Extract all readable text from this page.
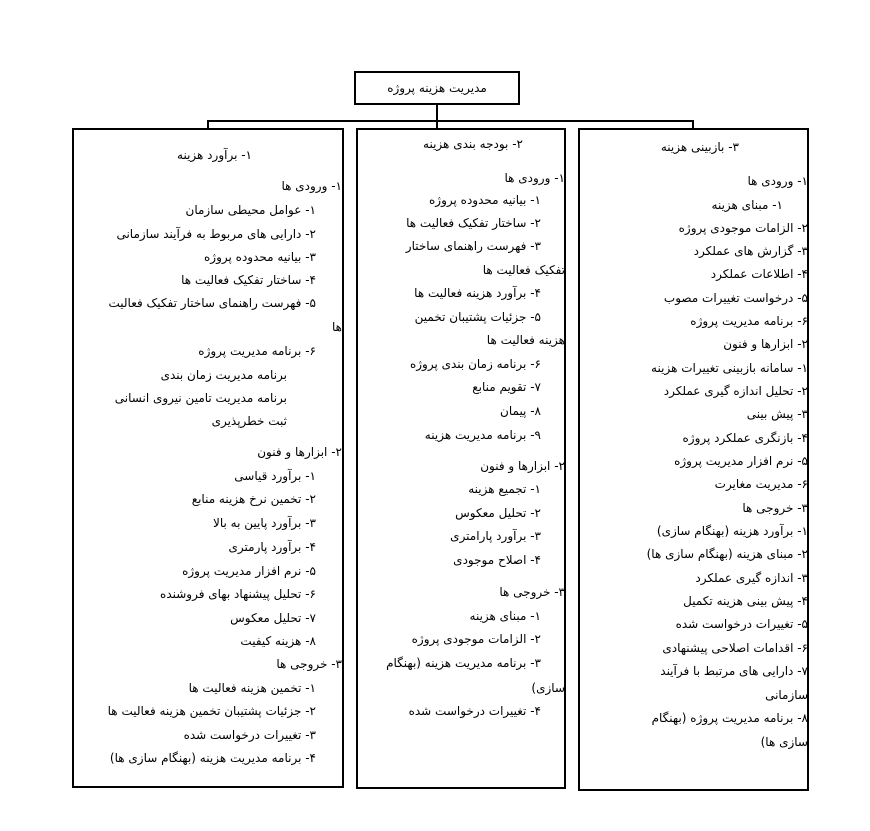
مدیریت هزینه پروژه
۳- بازبینی هزینه
۱- ورودی ها
۱- مبنای هزینه
۲- الزامات موجودی پروژه
۳- گزارش های عملکرد
۴- اطلاعات عملکرد
۵- درخواست تغییرات مصوب
۶- برنامه مدیریت پروژه
۲- ابزارها و فنون
۱- سامانه بازبینی تغییرات هزینه
۲- تحلیل اندازه گیری عملکرد
۳- پیش بینی
۴- بازنگری عملکرد پروژه
۵- نرم افزار مدیریت پروژه
۶- مدیریت مغایرت
۳- خروجی ها
۱- برآورد هزینه (بهنگام سازی)
۲- مبنای هزینه (بهنگام سازی ها)
۳- اندازه گیری عملکرد
۴- پیش بینی هزینه تکمیل
۵- تغییرات درخواست شده
۶- اقدامات اصلاحی پیشنهادی
۷- دارایی های مرتبط با فرآیند
سازمانی
۸- برنامه مدیریت پروژه (بهنگام
سازی ها)
۲- بودجه بندی هزینه
۱- ورودی ها
۱- بیانیه محدوده پروژه
۲- ساختار تفکیک فعالیت ها
۳- فهرست راهنمای ساختار
تفکیک فعالیت ها
۴- برآورد هزینه فعالیت ها
۵- جزئیات پشتیبان تخمین
هزینه فعالیت ها
۶- برنامه زمان بندی پروژه
۷- تقویم منابع
۸- پیمان
۹- برنامه مدیریت هزینه
۲- ابزارها و فنون
۱- تجمیع هزینه
۲- تحلیل معکوس
۳- برآورد پارامتری
۴- اصلاح موجودی
۳- خروجی ها
۱- مبنای هزینه
۲- الزامات موجودی پروژه
۳- برنامه مدیریت هزینه (بهنگام
سازی)
۴- تغییرات درخواست شده
۱- برآورد هزینه
۱- ورودی ها
۱- عوامل محیطی سازمان
۲- دارایی های مربوط به فرآیند سازمانی
۳- بیانیه محدوده پروژه
۴- ساختار تفکیک فعالیت ها
۵- فهرست راهنمای ساختار تفکیک فعالیت
ها
۶- برنامه مدیریت پروژه
برنامه مدیریت زمان بندی
برنامه مدیریت تامین نیروی انسانی
ثبت خطرپذیری
۲- ابزارها و فنون
۱- برآورد قیاسی
۲- تخمین نرخ هزینه منابع
۳- برآورد پایین به بالا
۴- برآورد پارمتری
۵- نرم افزار مدیریت پروژه
۶- تحلیل پیشنهاد بهای فروشنده
۷- تحلیل معکوس
۸- هزینه کیفیت
۳- خروجی ها
۱- تخمین هزینه فعالیت ها
۲- جزئیات پشتیبان تخمین هزینه فعالیت ها
۳- تغییرات درخواست شده
۴- برنامه مدیریت هزینه (بهنگام سازی ها)
